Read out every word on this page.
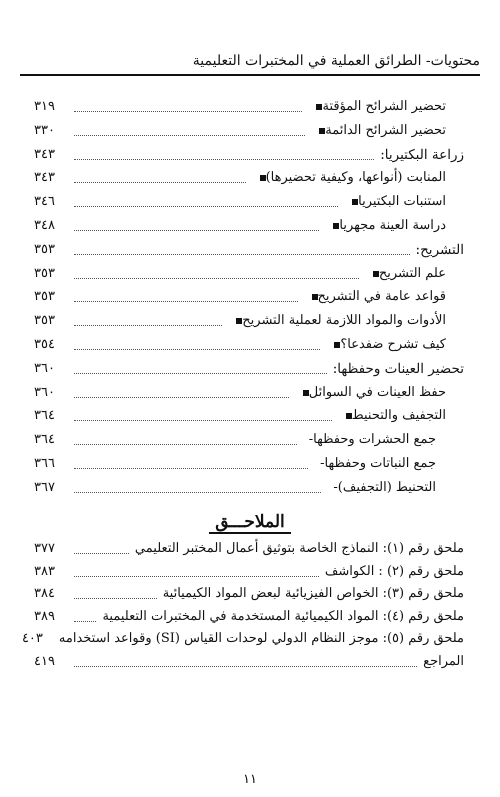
محتويات- الطرائق العملية في المختبرات التعليمية
تحضير الشرائح المؤقتة
٣١٩
تحضير الشرائح الدائمة
٣٣٠
زراعة البكتيريا:
٣٤٣
المنابت (أنواعها، وكيفية تحضيرها)
٣٤٣
استنبات البكتيريا
٣٤٦
دراسة العينة مجهريا
٣٤٨
التشريح:
٣٥٣
علم التشريح
٣٥٣
قواعد عامة في التشريح
٣٥٣
الأدوات والمواد اللازمة لعملية التشريح
٣٥٣
كيف تشرح ضفدعا؟
٣٥٤
تحضير العينات وحفظها:
٣٦٠
حفظ العينات في السوائل
٣٦٠
التجفيف والتحنيط
٣٦٤
- جمع الحشرات وحفظها
٣٦٤
- جمع النباتات وحفظها
٣٦٦
- التحنيط (التجفيف)
٣٦٧
ملحق رقم (١): النماذج الخاصة بتوثيق أعمال المختبر التعليمي
٣٧٧
ملحق رقم (٢) : الكواشف
٣٨٣
ملحق رقم (٣): الخواص الفيزيائية لبعض المواد الكيميائية
٣٨٤
ملحق رقم (٤): المواد الكيميائية المستخدمة في المختبرات التعليمية
٣٨٩
ملحق رقم (٥): موجز النظام الدولي لوحدات القياس (SI) وقواعد استخدامه
٤٠٣
المراجع
٤١٩
الملاحـــق
١١
